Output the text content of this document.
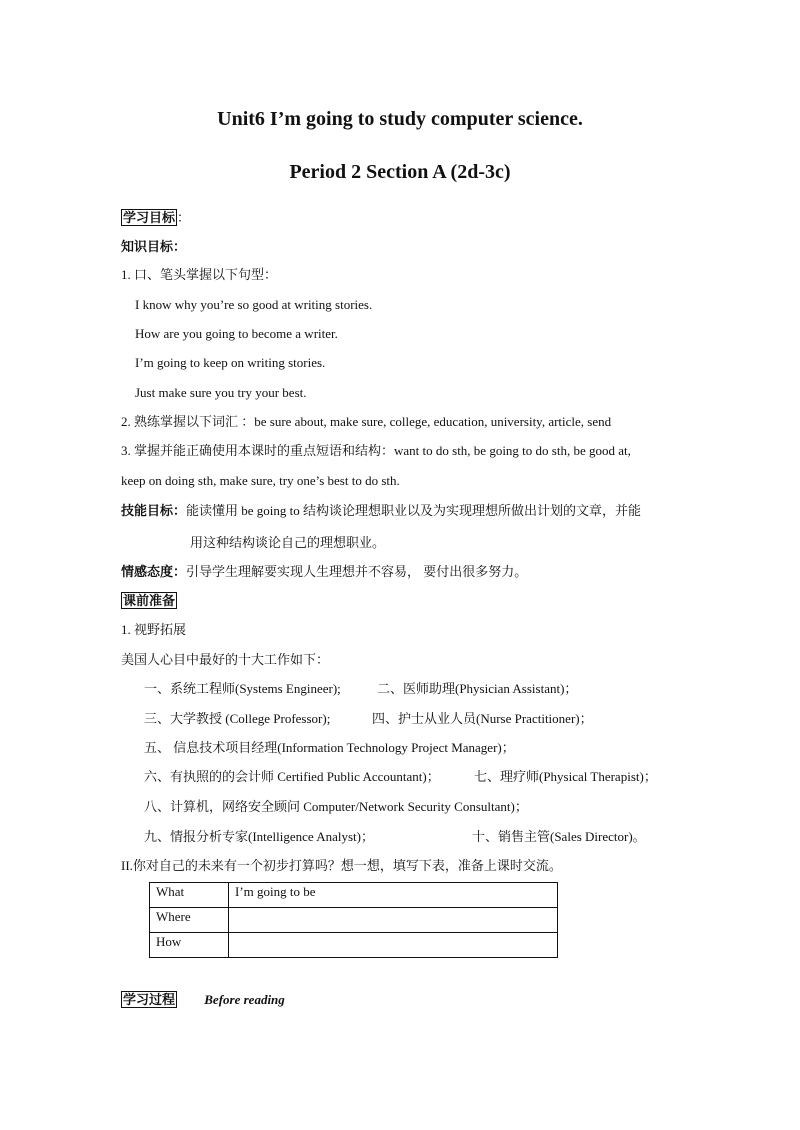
Unit6 I’m going to study computer science.
Period 2 Section A (2d-3c)
学习目标 ：
知识目标：
1. 口、笔头掌握以下句型：
I know why you’re so good at writing stories.
How are you going to become a writer.
I’m going to keep on writing stories.
Just make sure you try your best.
2. 熟练掌握以下词汇 ：be sure about, make sure, college, education, university, article, send
3. 掌握并能正确使用本课时的重点短语和结构：want to do sth, be going to do sth, be good at,
keep on doing sth, make sure, try one’s best to do sth.
技能目标：能读懂用 be going to 结构谈论理想职业以及为实现理想所做出计划的文章，并能
用这种结构谈论自己的理想职业。
情感态度：引导学生理解要实现人生理想并不容易， 要付出很多努力。
课前准备
1. 视野拓展
美国人心目中最好的十大工作如下：
一、系统工程师(Systems Engineer);	二、医师助理(Physician Assistant)；
三、大学教授 (College Professor);	四、护士从业人员(Nurse Practitioner)；
五、 信息技术项目经理(Information Technology Project Manager)；
六、有执照的的会计师 Certified Public Accountant)；	七、理疗师(Physical Therapist)；
八、计算机，网络安全顾问 Computer/Network Security Consultant)；
九、情报分析专家(Intelligence Analyst)；	十、销售主管(Sales Director)。
II.你对自己的未来有一个初步打算吗？想一想，填写下表，准备上课时交流。
What	I’m going to be
Where	
How	
学习过程 Before reading
